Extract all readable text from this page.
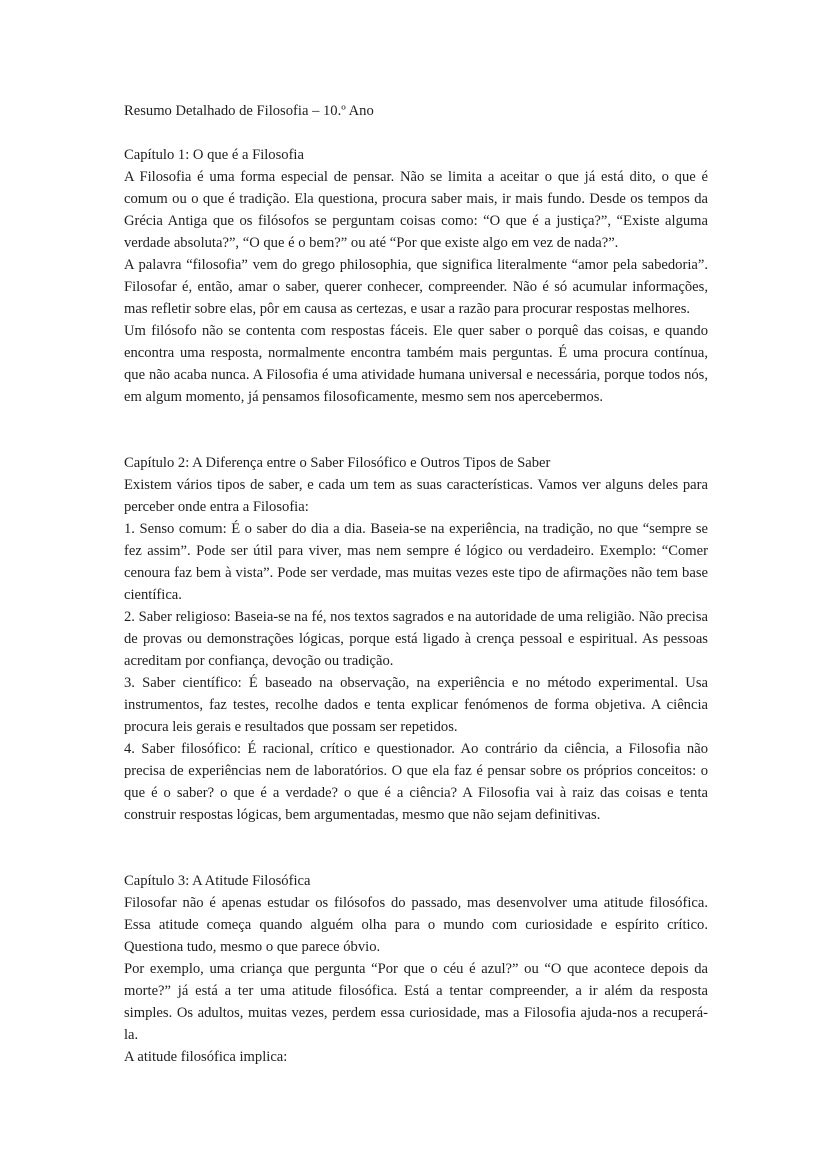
Resumo Detalhado de Filosofia – 10.º Ano

Capítulo 1: O que é a Filosofia

A Filosofia é uma forma especial de pensar. Não se limita a aceitar o que já está dito, o que é comum ou o que é tradição. Ela questiona, procura saber mais, ir mais fundo. Desde os tempos da Grécia Antiga que os filósofos se perguntam coisas como: “O que é a justiça?”, “Existe alguma verdade absoluta?”, “O que é o bem?” ou até “Por que existe algo em vez de nada?”.

A palavra “filosofia” vem do grego philosophia, que significa literalmente “amor pela sabedoria”. Filosofar é, então, amar o saber, querer conhecer, compreender. Não é só acumular informações, mas refletir sobre elas, pôr em causa as certezas, e usar a razão para procurar respostas melhores.

Um filósofo não se contenta com respostas fáceis. Ele quer saber o porquê das coisas, e quando encontra uma resposta, normalmente encontra também mais perguntas. É uma procura contínua, que não acaba nunca. A Filosofia é uma atividade humana universal e necessária, porque todos nós, em algum momento, já pensamos filosoficamente, mesmo sem nos apercebermos.

Capítulo 2: A Diferença entre o Saber Filosófico e Outros Tipos de Saber

Existem vários tipos de saber, e cada um tem as suas características. Vamos ver alguns deles para perceber onde entra a Filosofia:

1. Senso comum: É o saber do dia a dia. Baseia-se na experiência, na tradição, no que “sempre se fez assim”. Pode ser útil para viver, mas nem sempre é lógico ou verdadeiro. Exemplo: “Comer cenoura faz bem à vista”. Pode ser verdade, mas muitas vezes este tipo de afirmações não tem base científica.

2. Saber religioso: Baseia-se na fé, nos textos sagrados e na autoridade de uma religião. Não precisa de provas ou demonstrações lógicas, porque está ligado à crença pessoal e espiritual. As pessoas acreditam por confiança, devoção ou tradição.

3. Saber científico: É baseado na observação, na experiência e no método experimental. Usa instrumentos, faz testes, recolhe dados e tenta explicar fenómenos de forma objetiva. A ciência procura leis gerais e resultados que possam ser repetidos.

4. Saber filosófico: É racional, crítico e questionador. Ao contrário da ciência, a Filosofia não precisa de experiências nem de laboratórios. O que ela faz é pensar sobre os próprios conceitos: o que é o saber? o que é a verdade? o que é a ciência? A Filosofia vai à raiz das coisas e tenta construir respostas lógicas, bem argumentadas, mesmo que não sejam definitivas.

Capítulo 3: A Atitude Filosófica

Filosofar não é apenas estudar os filósofos do passado, mas desenvolver uma atitude filosófica. Essa atitude começa quando alguém olha para o mundo com curiosidade e espírito crítico. Questiona tudo, mesmo o que parece óbvio.

Por exemplo, uma criança que pergunta “Por que o céu é azul?” ou “O que acontece depois da morte?” já está a ter uma atitude filosófica. Está a tentar compreender, a ir além da resposta simples. Os adultos, muitas vezes, perdem essa curiosidade, mas a Filosofia ajuda-nos a recuperá-la.

A atitude filosófica implica:
